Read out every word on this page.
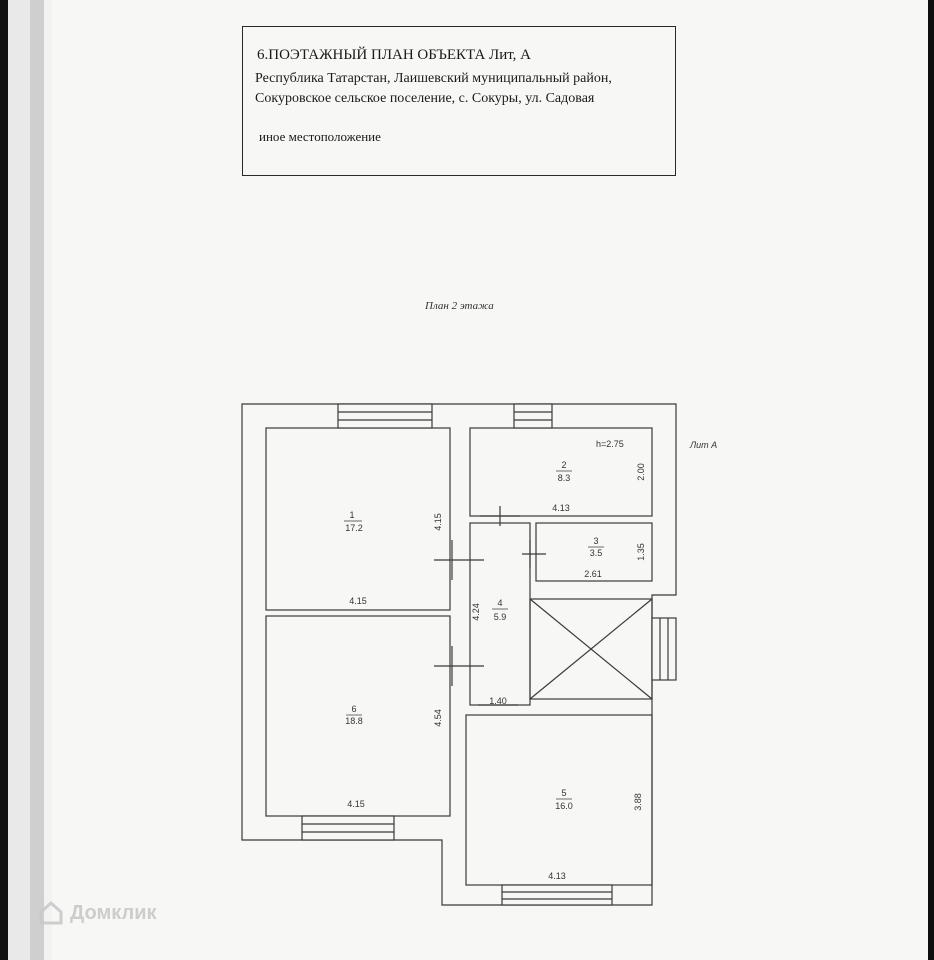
6.ПОЭТАЖНЫЙ ПЛАН ОБЪЕКТА Лит, А
Республика Татарстан, Лаишевский муниципальный район,
Сокуровское сельское поселение, с. Сокуры, ул. Садовая
иное местоположение
План 2 этажа
Лит А
h=2.75
1
17.2
4.15
4.15
2
8.3
4.13
2.00
3
3.5
2.61
1.35
4
5.9
1.40
4.24
6
18.8
4.15
4.54
5
16.0
4.13
3.88
Домклик
